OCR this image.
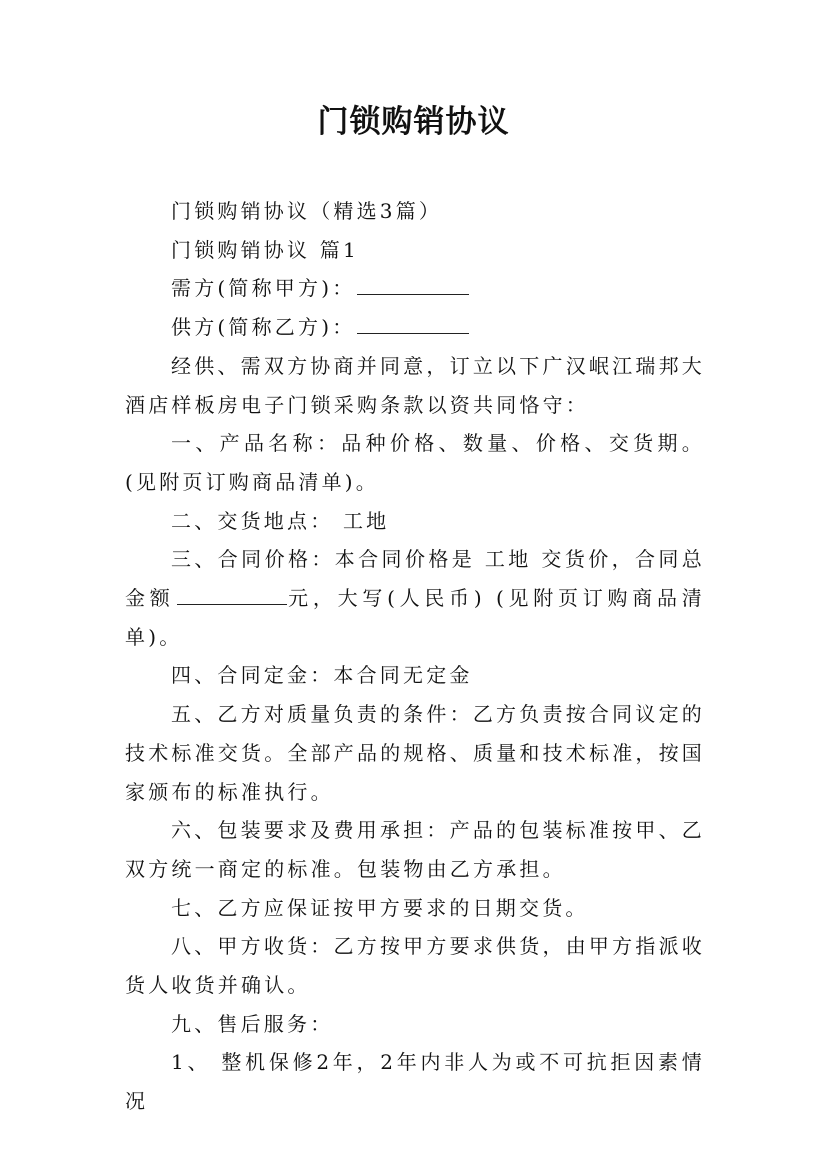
门锁购销协议

门锁购销协议（精选3篇）

门锁购销协议 篇1

需方(简称甲方)：

供方(简称乙方)：

经供、需双方协商并同意，订立以下广汉岷江瑞邦大酒店样板房电子门锁采购条款以资共同恪守：

一、产品名称：品种价格、数量、价格、交货期。(见附页订购商品清单)。

二、交货地点： 工地

三、合同价格：本合同价格是 工地 交货价，合同总金额	元，大写(人民币) (见附页订购商品清单)。

四、合同定金：本合同无定金

五、乙方对质量负责的条件：乙方负责按合同议定的技术标准交货。全部产品的规格、质量和技术标准，按国家颁布的标准执行。

六、包装要求及费用承担：产品的包装标准按甲、乙双方统一商定的标准。包装物由乙方承担。

七、乙方应保证按甲方要求的日期交货。

八、甲方收货：乙方按甲方要求供货，由甲方指派收货人收货并确认。

九、售后服务：

1、 整机保修2年，2年内非人为或不可抗拒因素情况
